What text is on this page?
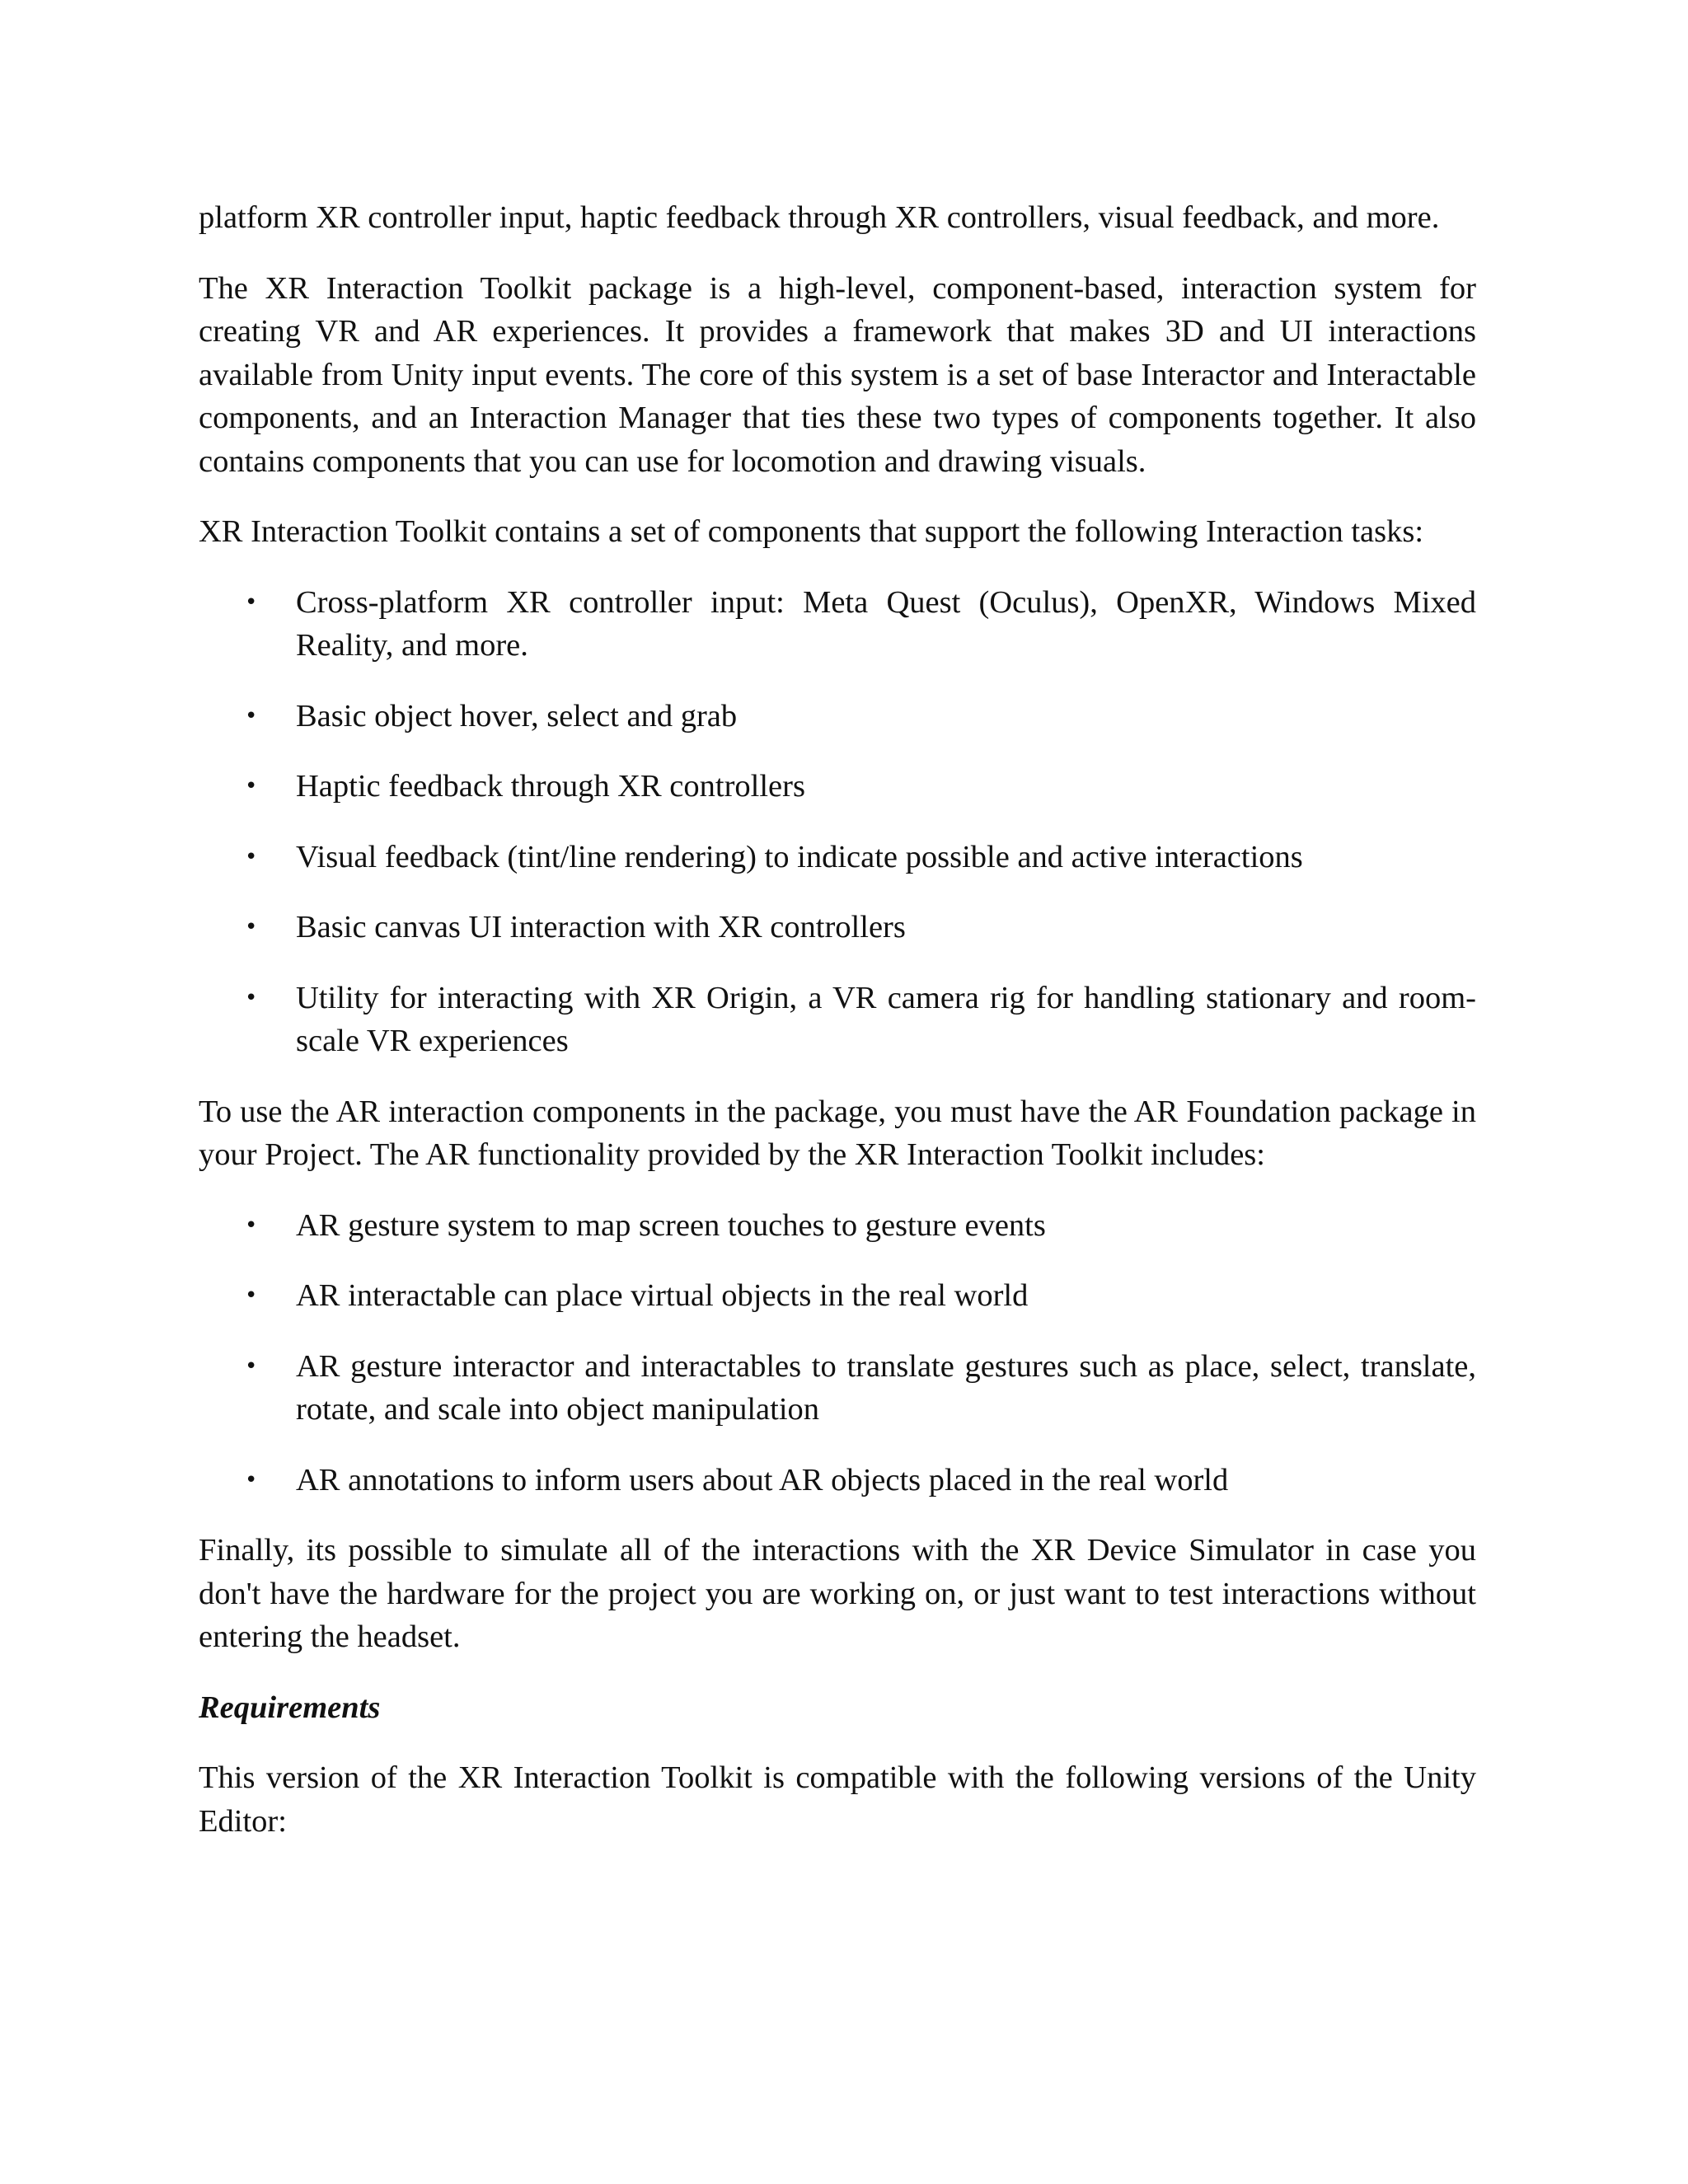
platform XR controller input, haptic feedback through XR controllers, visual feedback, and more.

The XR Interaction Toolkit package is a high-level, component-based, interaction system for creating VR and AR experiences. It provides a framework that makes 3D and UI interactions available from Unity input events. The core of this system is a set of base Interactor and Interactable components, and an Interaction Manager that ties these two types of components together. It also contains components that you can use for locomotion and drawing visuals.

XR Interaction Toolkit contains a set of components that support the following Interaction tasks:

• Cross-platform XR controller input: Meta Quest (Oculus), OpenXR, Windows Mixed Reality, and more.
• Basic object hover, select and grab
• Haptic feedback through XR controllers
• Visual feedback (tint/line rendering) to indicate possible and active interactions
• Basic canvas UI interaction with XR controllers
• Utility for interacting with XR Origin, a VR camera rig for handling stationary and room-scale VR experiences

To use the AR interaction components in the package, you must have the AR Foundation package in your Project. The AR functionality provided by the XR Interaction Toolkit includes:

• AR gesture system to map screen touches to gesture events
• AR interactable can place virtual objects in the real world
• AR gesture interactor and interactables to translate gestures such as place, select, translate, rotate, and scale into object manipulation
• AR annotations to inform users about AR objects placed in the real world

Finally, its possible to simulate all of the interactions with the XR Device Simulator in case you don't have the hardware for the project you are working on, or just want to test interactions without entering the headset.

Requirements

This version of the XR Interaction Toolkit is compatible with the following versions of the Unity Editor:
